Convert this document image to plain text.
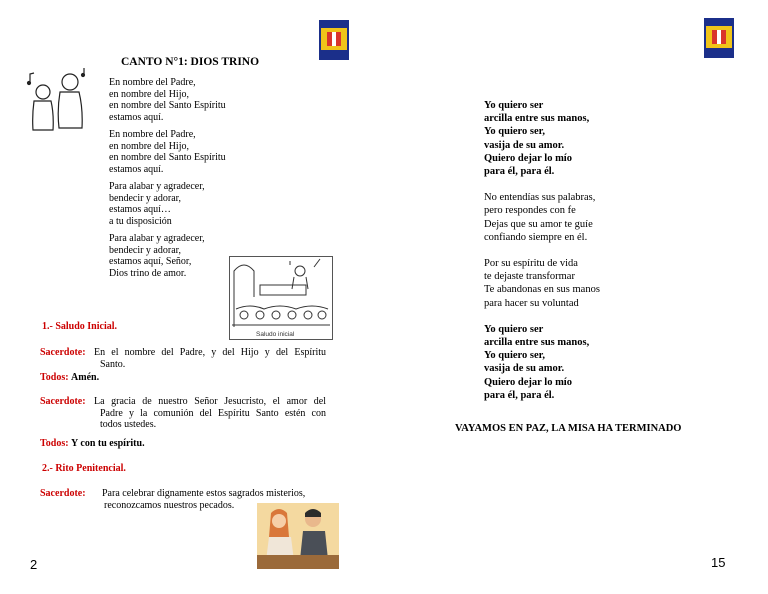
CANTO N°1: DIOS TRINO
En nombre del Padre,
en nombre del Hijo,
en nombre del Santo Espíritu
estamos aquí.
En nombre del Padre,
en nombre del Hijo,
en nombre del Santo Espíritu
estamos aquí.
Para alabar y agradecer,
bendecir y adorar,
estamos aquí…
a tu disposición
Para alabar y agradecer,
bendecir y adorar,
estamos aquí, Señor,
Dios trino de amor.
Saludo inicial
1.- Saludo Inicial.
Sacerdote: En el nombre del Padre, y del Hijo y del Espíritu
Santo.
Todos: Amén.
Sacerdote: La gracia de nuestro Señor Jesucristo, el amor del
Padre y la comunión del Espíritu Santo estén con
todos ustedes.
Todos: Y con tu espíritu.
2.- Rito Penitencial.
Sacerdote: Para celebrar dignamente estos sagrados misterios,
reconozcamos nuestros pecados.
2
Yo quiero ser
arcilla entre sus manos,
Yo quiero ser,
vasija de su amor.
Quiero dejar lo mío
para él, para él.
No entendías sus palabras,
pero respondes con fe
Dejas que su amor te guíe
confiando siempre en él.
Por su espíritu de vida
te dejaste transformar
Te abandonas en sus manos
para hacer su voluntad
Yo quiero ser
arcilla entre sus manos,
Yo quiero ser,
vasija de su amor.
Quiero dejar lo mío
para él, para él.
VAYAMOS EN PAZ, LA MISA HA TERMINADO
15
